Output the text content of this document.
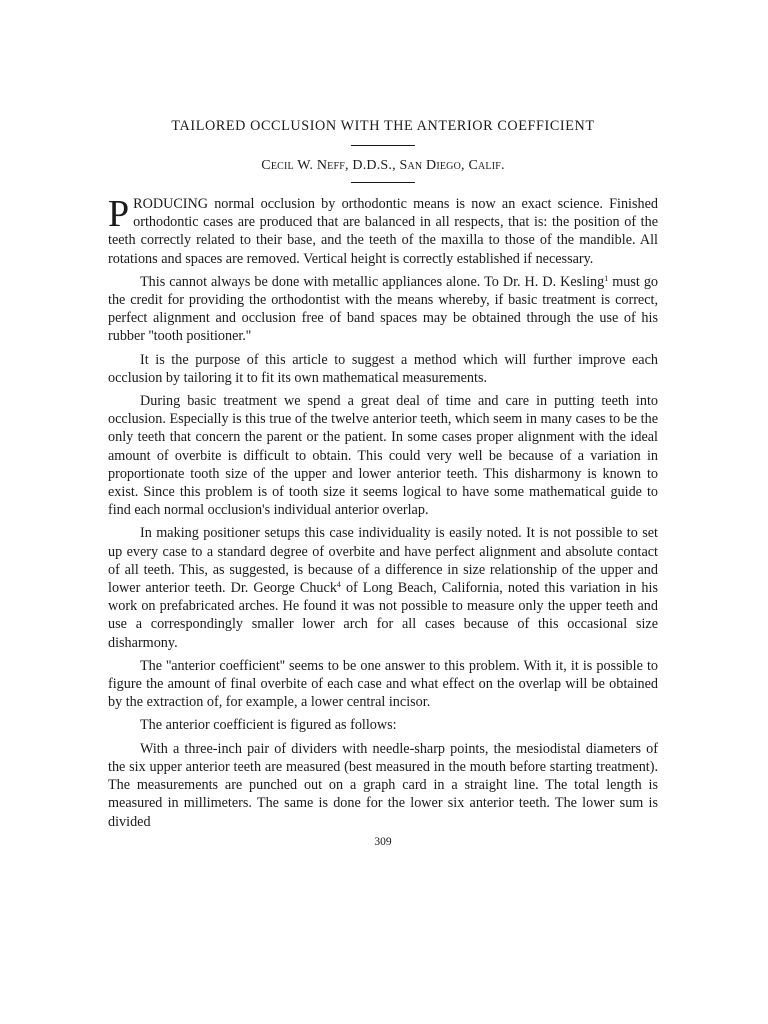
TAILORED OCCLUSION WITH THE ANTERIOR COEFFICIENT
Cecil W. Neff, D.D.S., San Diego, Calif.

PRODUCING normal occlusion by orthodontic means is now an exact science. Finished orthodontic cases are produced that are balanced in all respects, that is: the position of the teeth correctly related to their base, and the teeth of the maxilla to those of the mandible. All rotations and spaces are removed. Vertical height is correctly established if necessary.

This cannot always be done with metallic appliances alone. To Dr. H. D. Kesling$^1$ must go the credit for providing the orthodontist with the means whereby, if basic treatment is correct, perfect alignment and occlusion free of band spaces may be obtained through the use of his rubber ''tooth positioner.''

It is the purpose of this article to suggest a method which will further improve each occlusion by tailoring it to fit its own mathematical measurements.

During basic treatment we spend a great deal of time and care in putting teeth into occlusion. Especially is this true of the twelve anterior teeth, which seem in many cases to be the only teeth that concern the parent or the patient. In some cases proper alignment with the ideal amount of overbite is difficult to obtain. This could very well be because of a variation in proportionate tooth size of the upper and lower anterior teeth. This disharmony is known to exist. Since this problem is of tooth size it seems logical to have some mathematical guide to find each normal occlusion's individual anterior overlap.

In making positioner setups this case individuality is easily noted. It is not possible to set up every case to a standard degree of overbite and have perfect alignment and absolute contact of all teeth. This, as suggested, is because of a difference in size relationship of the upper and lower anterior teeth. Dr. George Chuck$^4$ of Long Beach, California, noted this variation in his work on prefabricated arches. He found it was not possible to measure only the upper teeth and use a correspondingly smaller lower arch for all cases because of this occasional size disharmony.

The ''anterior coefficient'' seems to be one answer to this problem. With it, it is possible to figure the amount of final overbite of each case and what effect on the overlap will be obtained by the extraction of, for example, a lower central incisor.

The anterior coefficient is figured as follows:

With a three-inch pair of dividers with needle-sharp points, the mesiodistal diameters of the six upper anterior teeth are measured (best measured in the mouth before starting treatment). The measurements are punched out on a graph card in a straight line. The total length is measured in millimeters. The same is done for the lower six anterior teeth. The lower sum is divided

309
